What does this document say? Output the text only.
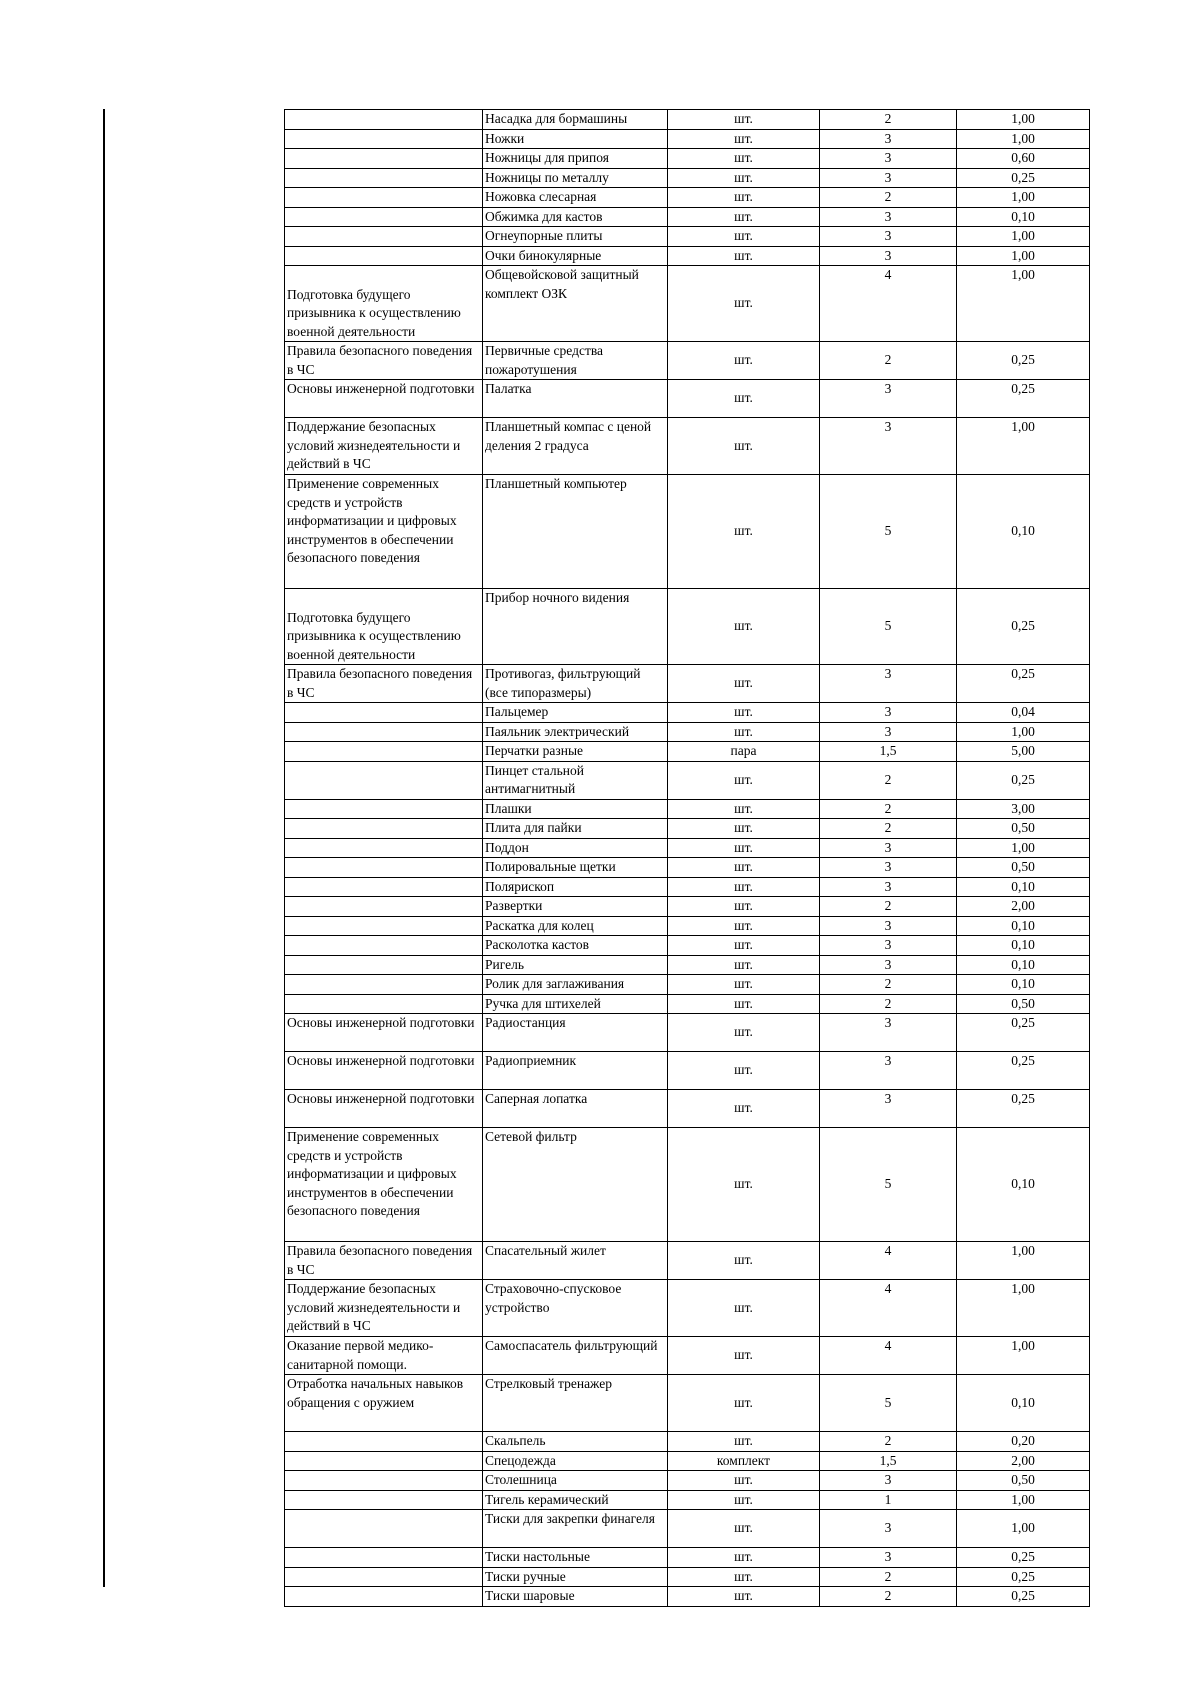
	Насадка для бормашины	шт.	2	1,00
	Ножки	шт.	3	1,00
	Ножницы для припоя	шт.	3	0,60
	Ножницы по металлу	шт.	3	0,25
	Ножовка слесарная	шт.	2	1,00
	Обжимка для кастов	шт.	3	0,10
	Огнеупорные плиты	шт.	3	1,00
	Очки бинокулярные	шт.	3	1,00
Подготовка будущего призывника к осуществлению военной деятельности	Общевойсковой защитный комплект ОЗК	шт.	4	1,00
Правила безопасного поведения в ЧС	Первичные средства пожаротушения	шт.	2	0,25
Основы инженерной подготовки	Палатка	шт.	3	0,25
Поддержание безопасных условий жизнедеятельности и действий в ЧС	Планшетный компас с ценой деления 2 градуса	шт.	3	1,00
Применение современных средств и устройств информатизации и цифровых инструментов в обеспечении безопасного поведения	Планшетный компьютер	шт.	5	0,10
Подготовка будущего призывника к осуществлению военной деятельности	Прибор ночного видения	шт.	5	0,25
Правила безопасного поведения в ЧС	Противогаз, фильтрующий (все типоразмеры)	шт.	3	0,25
	Пальцемер	шт.	3	0,04
	Паяльник электрический	шт.	3	1,00
	Перчатки разные	пара	1,5	5,00
	Пинцет стальной антимагнитный	шт.	2	0,25
	Плашки	шт.	2	3,00
	Плита для пайки	шт.	2	0,50
	Поддон	шт.	3	1,00
	Полировальные щетки	шт.	3	0,50
	Полярископ	шт.	3	0,10
	Развертки	шт.	2	2,00
	Раскатка для колец	шт.	3	0,10
	Расколотка кастов	шт.	3	0,10
	Ригель	шт.	3	0,10
	Ролик для заглаживания	шт.	2	0,10
	Ручка для штихелей	шт.	2	0,50
Основы инженерной подготовки	Радиостанция	шт.	3	0,25
Основы инженерной подготовки	Радиоприемник	шт.	3	0,25
Основы инженерной подготовки	Саперная лопатка	шт.	3	0,25
Применение современных средств и устройств информатизации и цифровых инструментов в обеспечении безопасного поведения	Сетевой фильтр	шт.	5	0,10
Правила безопасного поведения в ЧС	Спасательный жилет	шт.	4	1,00
Поддержание безопасных условий жизнедеятельности и действий в ЧС	Страховочно-спусковое устройство	шт.	4	1,00
Оказание первой медико-санитарной помощи.	Самоспасатель фильтрующий	шт.	4	1,00
Отработка начальных навыков обращения с оружием	Стрелковый тренажер	шт.	5	0,10
	Скальпель	шт.	2	0,20
	Спецодежда	комплект	1,5	2,00
	Столешница	шт.	3	0,50
	Тигель керамический	шт.	1	1,00
	Тиски для закрепки финагеля	шт.	3	1,00
	Тиски настольные	шт.	3	0,25
	Тиски ручные	шт.	2	0,25
	Тиски шаровые	шт.	2	0,25
